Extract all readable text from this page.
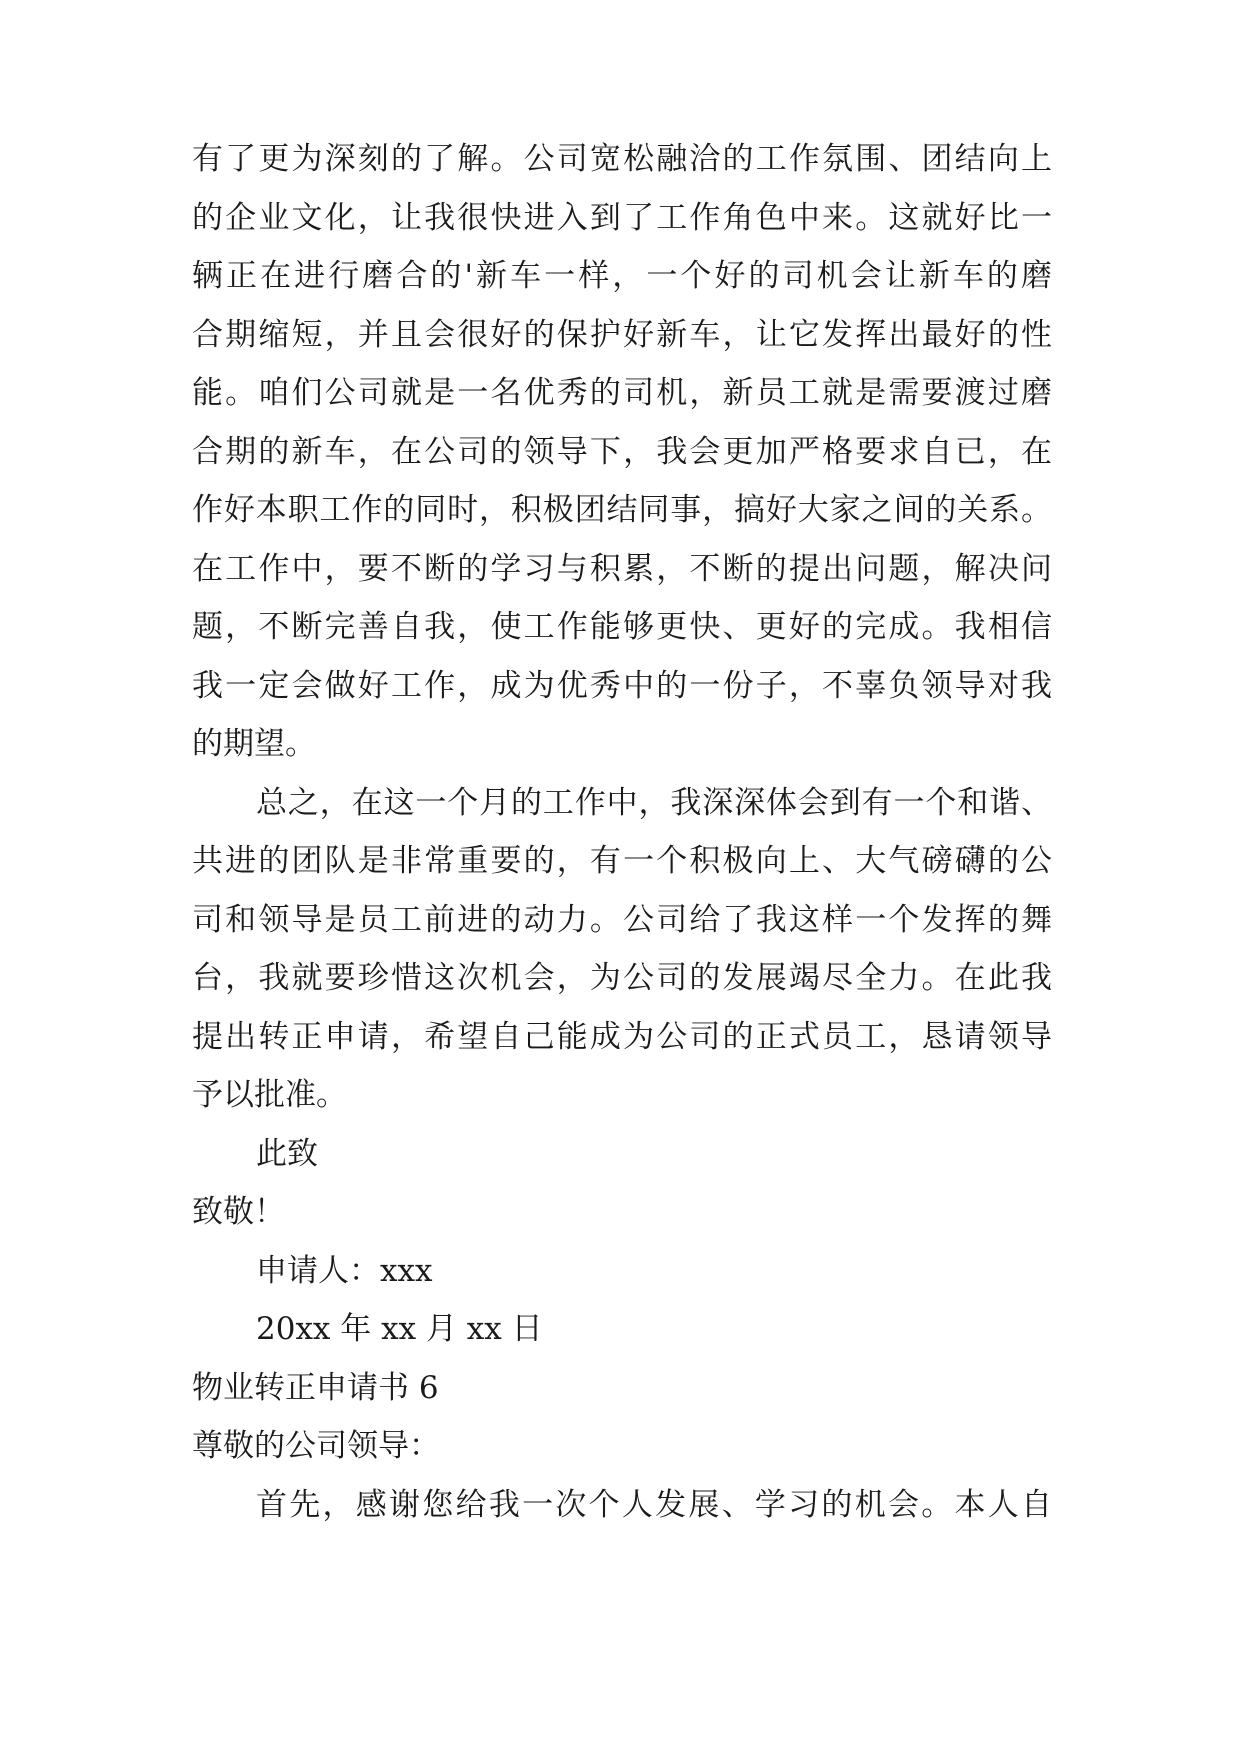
有了更为深刻的了解。公司宽松融洽的工作氛围、团结向上
的企业文化，让我很快进入到了工作角色中来。这就好比一
辆正在进行磨合的'新车一样，一个好的司机会让新车的磨
合期缩短，并且会很好的保护好新车，让它发挥出最好的性
能。咱们公司就是一名优秀的司机，新员工就是需要渡过磨
合期的新车，在公司的领导下，我会更加严格要求自已，在
作好本职工作的同时，积极团结同事，搞好大家之间的关系。
在工作中，要不断的学习与积累，不断的提出问题，解决问
题，不断完善自我，使工作能够更快、更好的完成。我相信
我一定会做好工作，成为优秀中的一份子，不辜负领导对我
的期望。
总之，在这一个月的工作中，我深深体会到有一个和谐、
共进的团队是非常重要的，有一个积极向上、大气磅礴的公
司和领导是员工前进的动力。公司给了我这样一个发挥的舞
台，我就要珍惜这次机会，为公司的发展竭尽全力。在此我
提出转正申请，希望自己能成为公司的正式员工，恳请领导
予以批准。
此致
致敬！
申请人：xxx
20xx 年 xx 月 xx 日
物业转正申请书 6
尊敬的公司领导：
首先，感谢您给我一次个人发展、学习的机会。本人自
